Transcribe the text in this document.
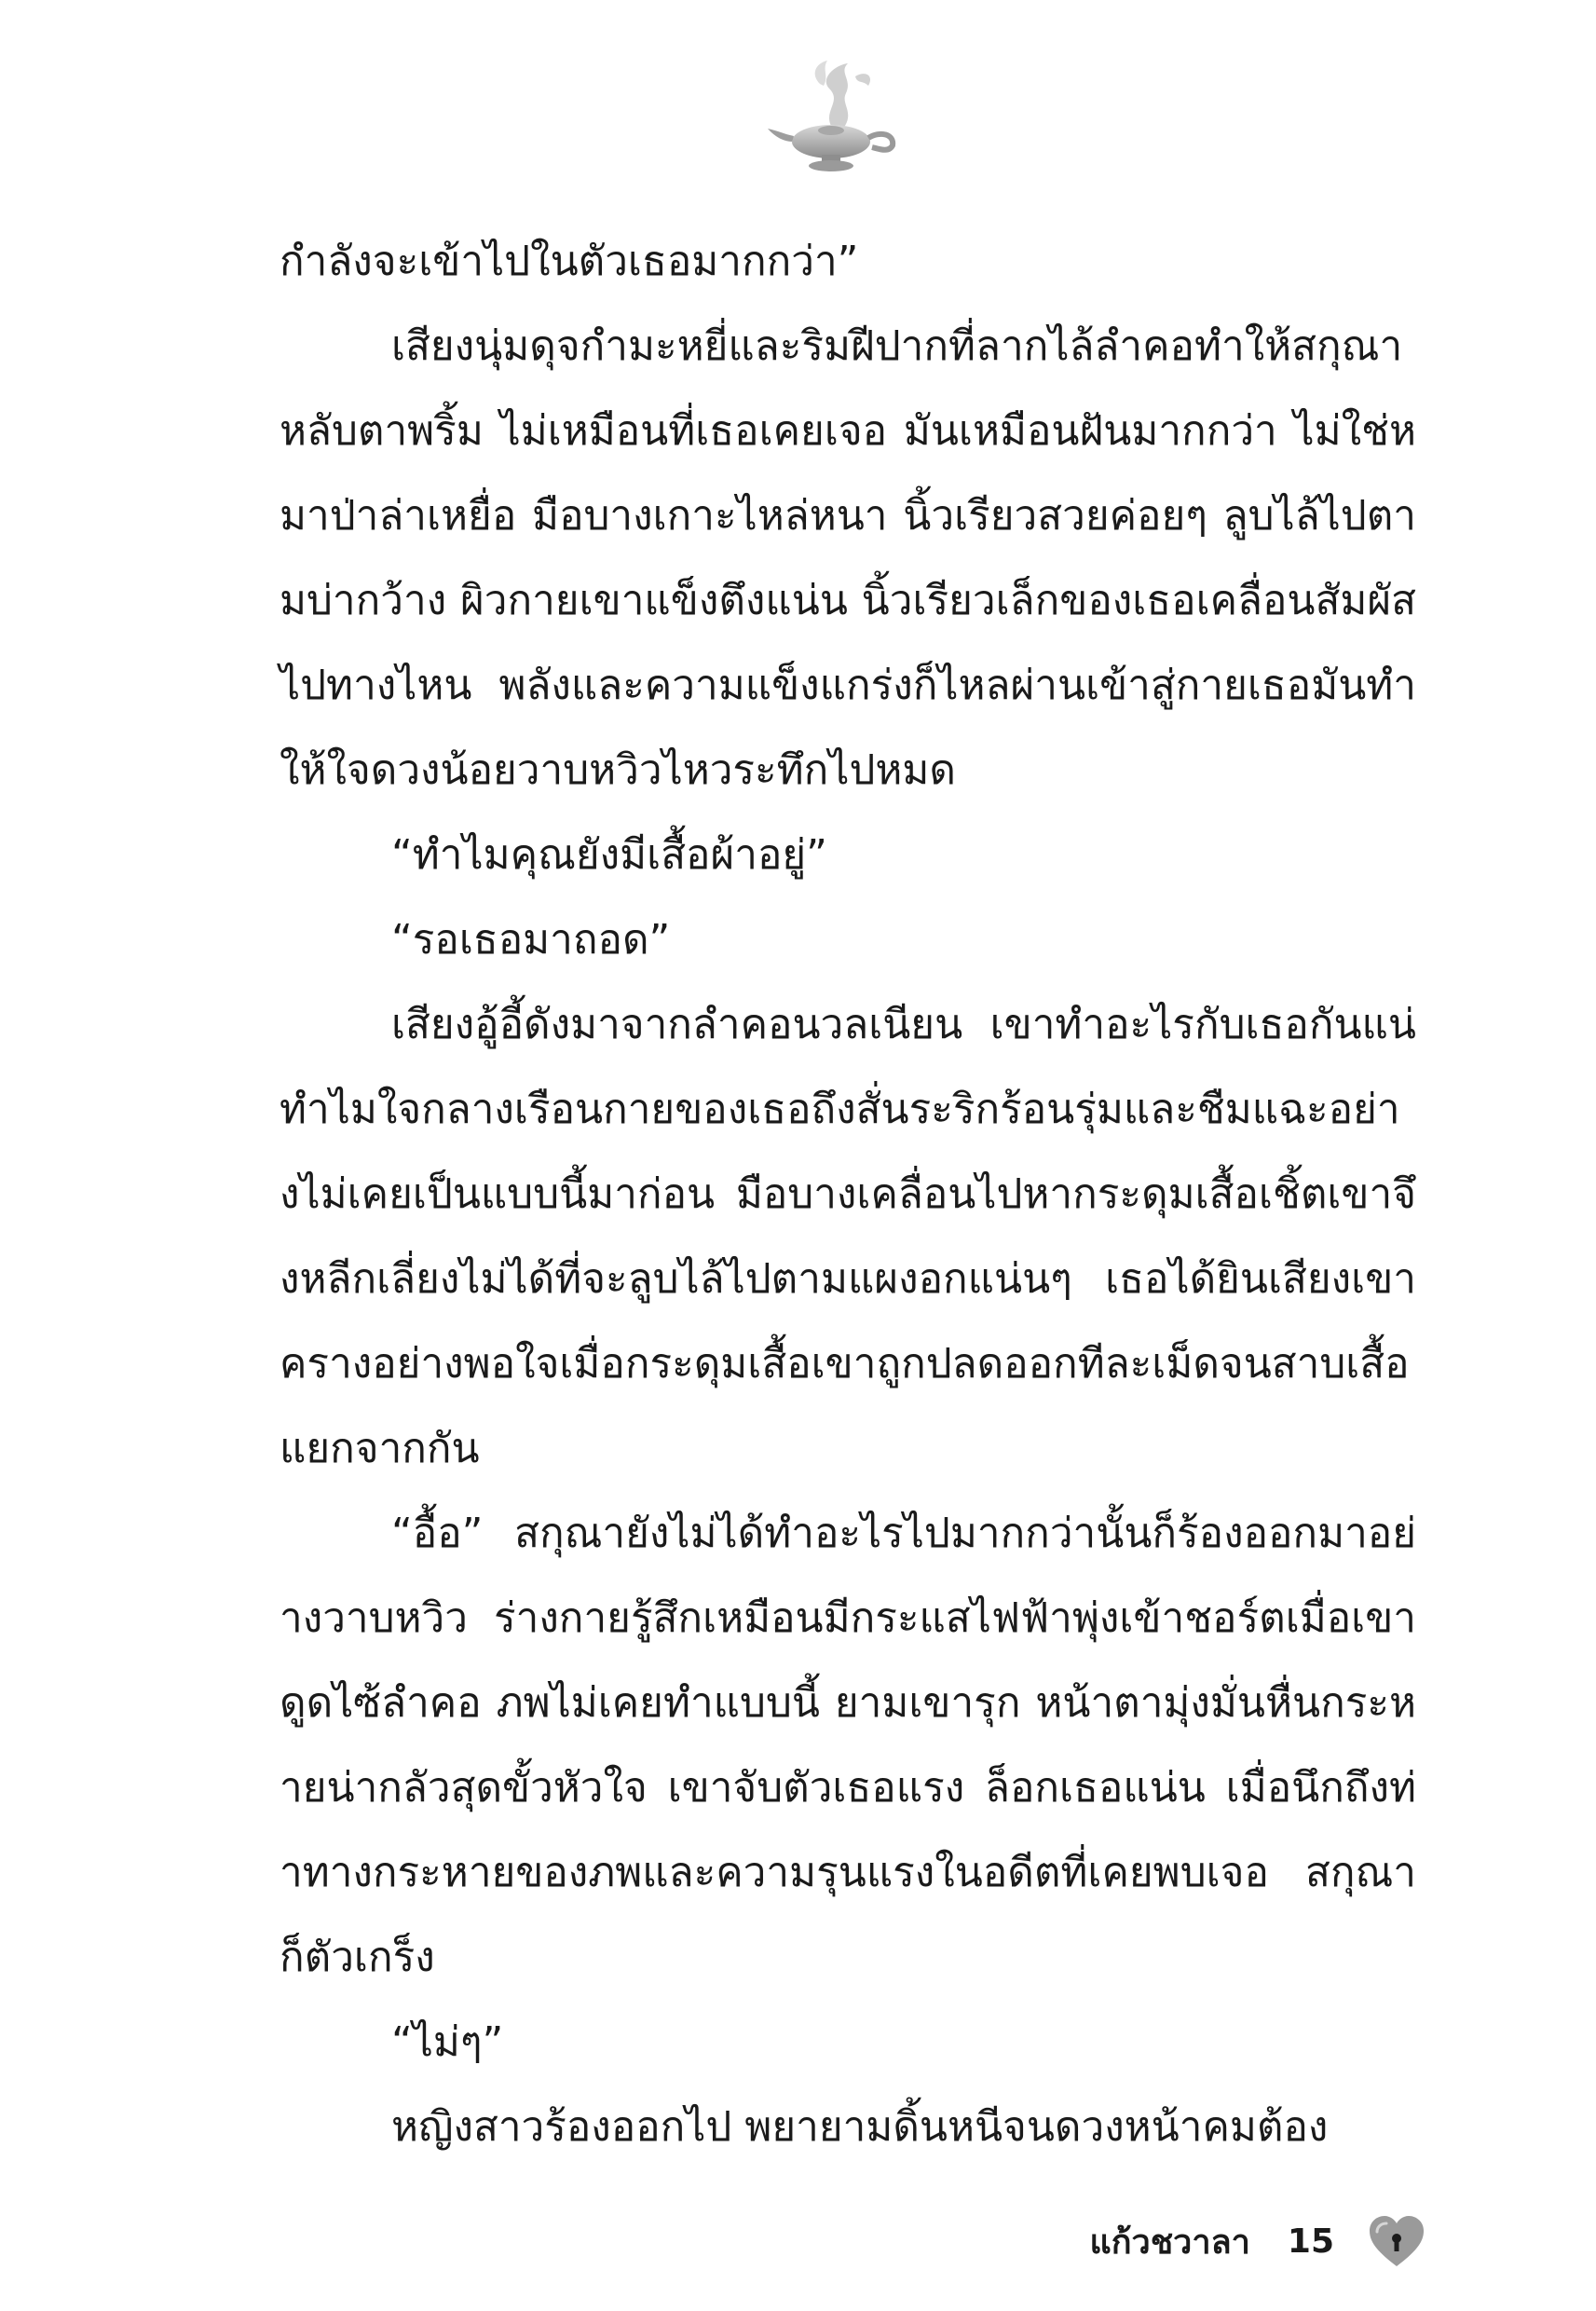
กำลังจะเข้าไปในตัวเธอมากกว่า”

เสียงนุ่มดุจกำมะหยี่และริมฝีปากที่ลากไล้ลำคอทำให้สกุณาหลับตาพริ้ม ไม่เหมือนที่เธอเคยเจอ มันเหมือนฝันมากกว่า ไม่ใช่หมาป่าล่าเหยื่อ มือบางเกาะไหล่หนา นิ้วเรียวสวยค่อยๆ ลูบไล้ไปตามบ่ากว้าง ผิวกายเขาแข็งตึงแน่น นิ้วเรียวเล็กของเธอเคลื่อนสัมผัสไปทางไหน พลังและความแข็งแกร่งก็ไหลผ่านเข้าสู่กายเธอมันทำให้ใจดวงน้อยวาบหวิวไหวระทึกไปหมด

“ทำไมคุณยังมีเสื้อผ้าอยู่”

“รอเธอมาถอด”

เสียงอู้อี้ดังมาจากลำคอนวลเนียน เขาทำอะไรกับเธอกันแน่ทำไมใจกลางเรือนกายของเธอถึงสั่นระริกร้อนรุ่มและชืมแฉะอย่างไม่เคยเป็นแบบนี้มาก่อน มือบางเคลื่อนไปหากระดุมเสื้อเชิ้ตเขาจึงหลีกเลี่ยงไม่ได้ที่จะลูบไล้ไปตามแผงอกแน่นๆ เธอได้ยินเสียงเขาครางอย่างพอใจเมื่อกระดุมเสื้อเขาถูกปลดออกทีละเม็ดจนสาบเสื้อแยกจากกัน

“อื้อ” สกุณายังไม่ได้ทำอะไรไปมากกว่านั้นก็ร้องออกมาอย่างวาบหวิว ร่างกายรู้สึกเหมือนมีกระแสไฟฟ้าพุ่งเข้าชอร์ตเมื่อเขาดูดไซ้ลำคอ ภพไม่เคยทำแบบนี้ ยามเขารุก หน้าตามุ่งมั่นหื่นกระหายน่ากลัวสุดขั้วหัวใจ เขาจับตัวเธอแรง ล็อกเธอแน่น เมื่อนึกถึงท่าทางกระหายของภพและความรุนแรงในอดีตที่เคยพบเจอ สกุณาก็ตัวเกร็ง

“ไม่ๆ”

หญิงสาวร้องออกไป พยายามดิ้นหนีจนดวงหน้าคมต้อง

แก้วชวาลา 15
